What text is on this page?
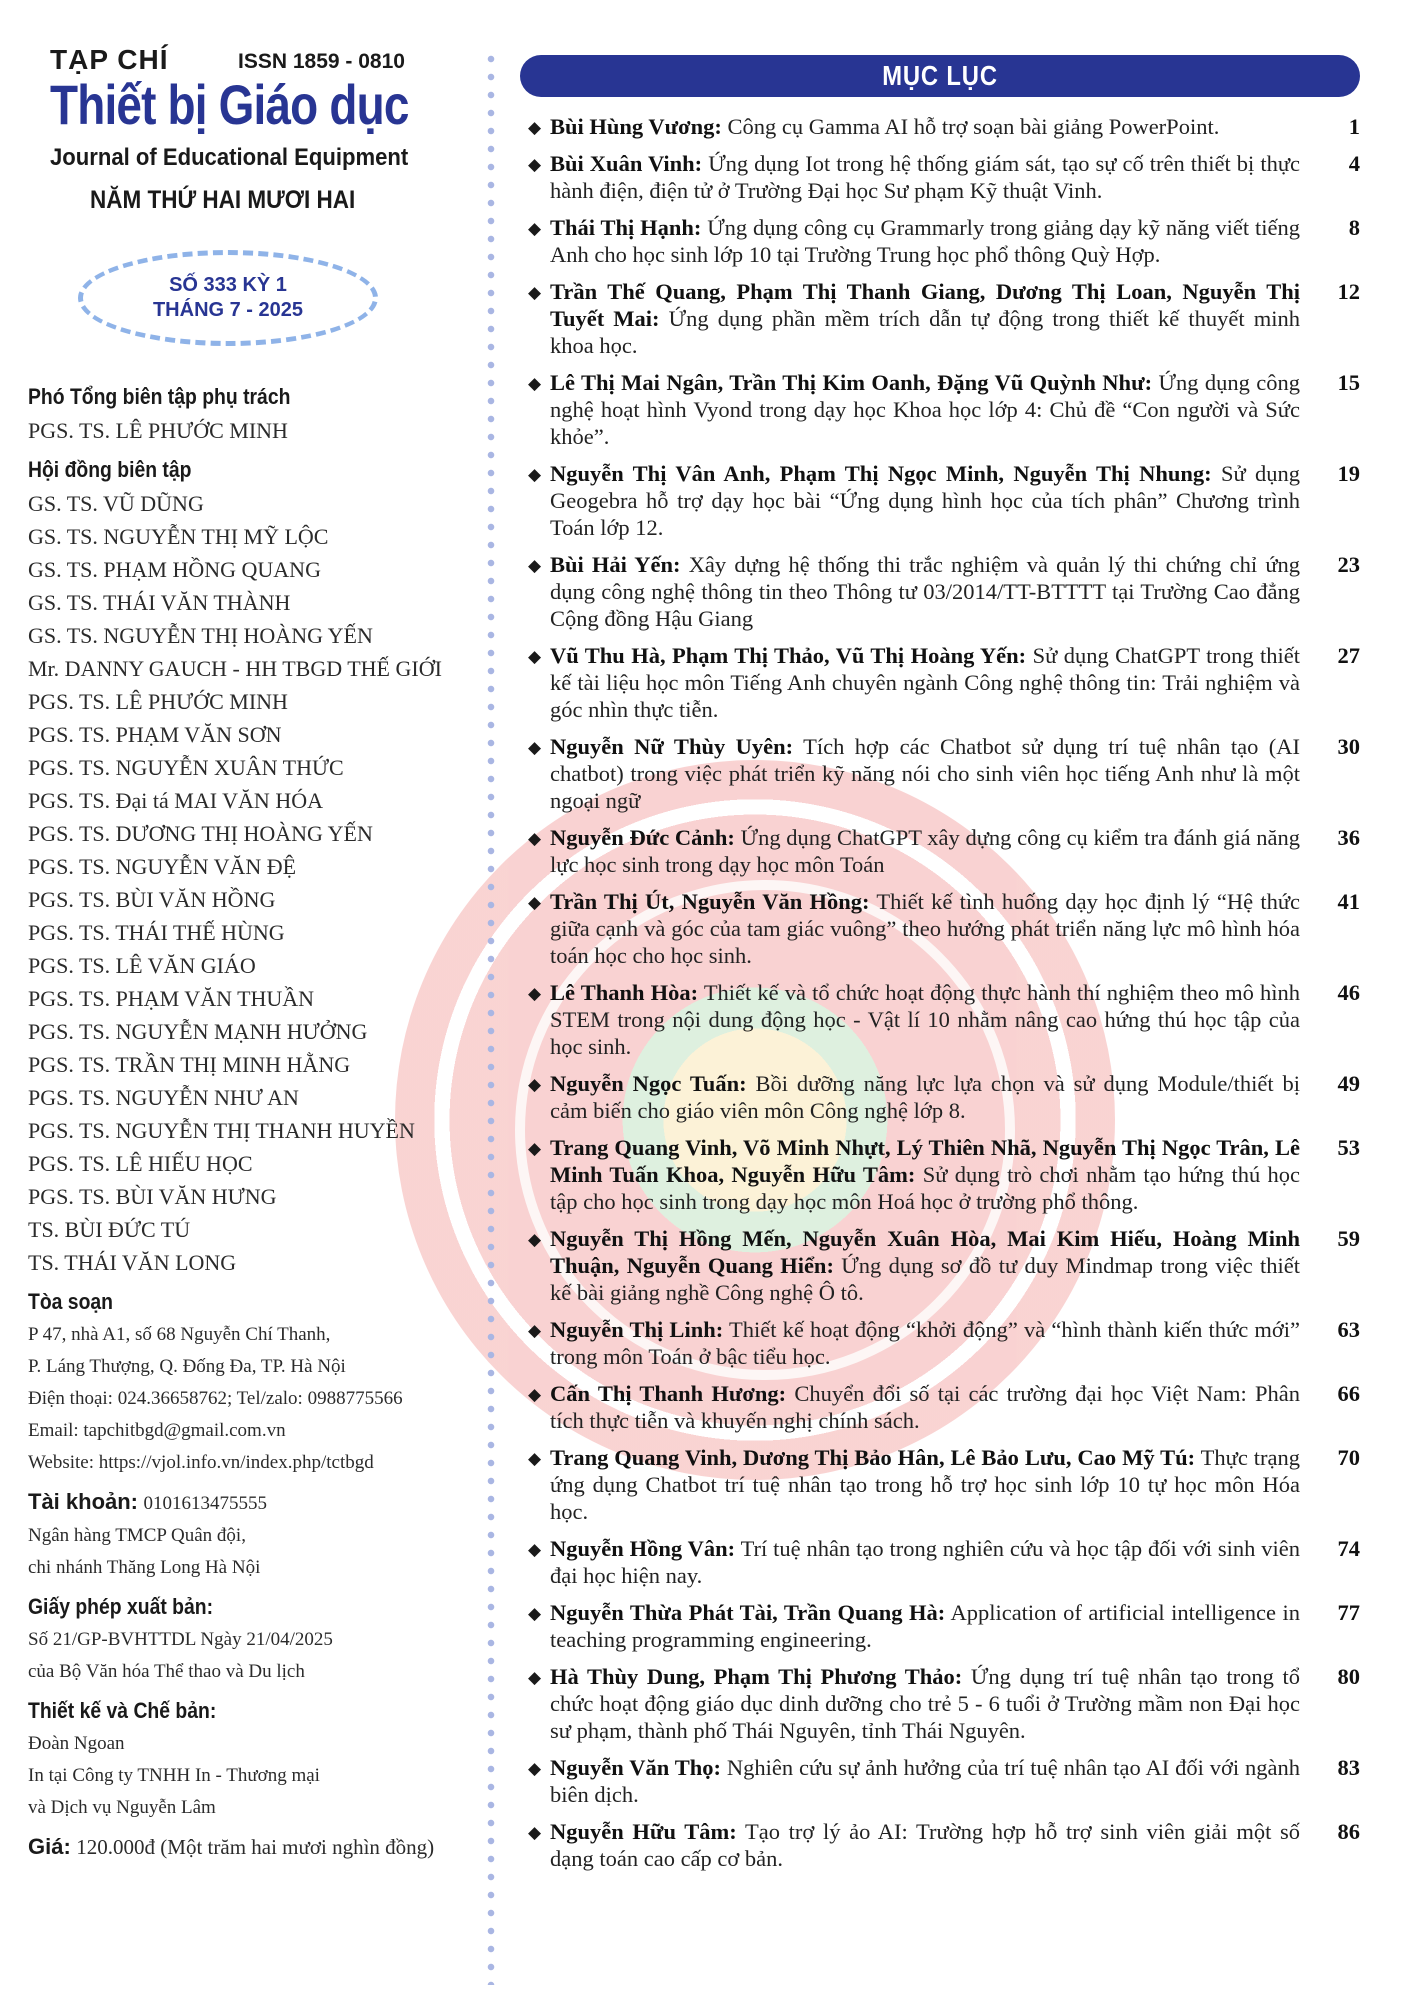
TẠP CHÍ	ISSN 1859 - 0810
Thiết bị Giáo dục
Journal of Educational Equipment
NĂM THỨ HAI MƯƠI HAI
SỐ 333 KỲ 1
THÁNG 7 - 2025
Phó Tổng biên tập phụ trách
PGS. TS. LÊ PHƯỚC MINH
Hội đồng biên tập
GS. TS. VŨ DŨNG
GS. TS. NGUYỄN THỊ MỸ LỘC
GS. TS. PHẠM HỒNG QUANG
GS. TS. THÁI VĂN THÀNH
GS. TS. NGUYỄN THỊ HOÀNG YẾN
Mr. DANNY GAUCH - HH TBGD THẾ GIỚI
PGS. TS. LÊ PHƯỚC MINH
PGS. TS. PHẠM VĂN SƠN
PGS. TS. NGUYỄN XUÂN THỨC
PGS. TS. Đại tá MAI VĂN HÓA
PGS. TS. DƯƠNG THỊ HOÀNG YẾN
PGS. TS. NGUYỄN VĂN ĐỆ
PGS. TS. BÙI VĂN HỒNG
PGS. TS. THÁI THẾ HÙNG
PGS. TS. LÊ VĂN GIÁO
PGS. TS. PHẠM VĂN THUẦN
PGS. TS. NGUYỄN MẠNH HƯỞNG
PGS. TS. TRẦN THỊ MINH HẰNG
PGS. TS. NGUYỄN NHƯ AN
PGS. TS. NGUYỄN THỊ THANH HUYỀN
PGS. TS. LÊ HIẾU HỌC
PGS. TS. BÙI VĂN HƯNG
TS. BÙI ĐỨC TÚ
TS. THÁI VĂN LONG
Tòa soạn
P 47, nhà A1, số 68 Nguyễn Chí Thanh,
P. Láng Thượng, Q. Đống Đa, TP. Hà Nội
Điện thoại: 024.36658762; Tel/zalo: 0988775566
Email: tapchitbgd@gmail.com.vn
Website: https://vjol.info.vn/index.php/tctbgd
Tài khoản: 0101613475555
Ngân hàng TMCP Quân đội,
chi nhánh Thăng Long Hà Nội
Giấy phép xuất bản:
Số 21/GP-BVHTTDL Ngày 21/04/2025
của Bộ Văn hóa Thể thao và Du lịch
Thiết kế và Chế bản:
Đoàn Ngoan
In tại Công ty TNHH In - Thương mại
và Dịch vụ Nguyễn Lâm
Giá: 120.000đ (Một trăm hai mươi nghìn đồng)
MỤC LỤC
◆ Bùi Hùng Vương: Công cụ Gamma AI hỗ trợ soạn bài giảng PowerPoint.	1
◆ Bùi Xuân Vinh: Ứng dụng Iot trong hệ thống giám sát, tạo sự cố trên thiết bị thực hành điện, điện tử ở Trường Đại học Sư phạm Kỹ thuật Vinh.
4
◆ Thái Thị Hạnh: Ứng dụng công cụ Grammarly trong giảng dạy kỹ năng viết tiếng Anh cho học sinh lớp 10 tại Trường Trung học phổ thông Quỳ Hợp.
8
◆ Trần Thế Quang, Phạm Thị Thanh Giang, Dương Thị Loan, Nguyễn Thị Tuyết Mai: Ứng dụng phần mềm trích dẫn tự động trong thiết kế thuyết minh khoa học.
12
◆ Lê Thị Mai Ngân, Trần Thị Kim Oanh, Đặng Vũ Quỳnh Như: Ứng dụng công nghệ hoạt hình Vyond trong dạy học Khoa học lớp 4: Chủ đề “Con người và Sức khỏe”.
15
◆ Nguyễn Thị Vân Anh, Phạm Thị Ngọc Minh, Nguyễn Thị Nhung: Sử dụng Geogebra hỗ trợ dạy học bài “Ứng dụng hình học của tích phân” Chương trình Toán lớp 12.
19
◆ Bùi Hải Yến: Xây dựng hệ thống thi trắc nghiệm và quản lý thi chứng chỉ ứng dụng công nghệ thông tin theo Thông tư 03/2014/TT-BTTTT tại Trường Cao đẳng Cộng đồng Hậu Giang
23
◆ Vũ Thu Hà, Phạm Thị Thảo, Vũ Thị Hoàng Yến: Sử dụng ChatGPT trong thiết kế tài liệu học môn Tiếng Anh chuyên ngành Công nghệ thông tin: Trải nghiệm và góc nhìn thực tiễn.
27
◆ Nguyễn Nữ Thùy Uyên: Tích hợp các Chatbot sử dụng trí tuệ nhân tạo (AI chatbot) trong việc phát triển kỹ năng nói cho sinh viên học tiếng Anh như là một ngoại ngữ
30
◆ Nguyễn Đức Cảnh: Ứng dụng ChatGPT xây dựng công cụ kiểm tra đánh giá năng lực học sinh trong dạy học môn Toán
36
◆ Trần Thị Út, Nguyễn Văn Hồng: Thiết kế tình huống dạy học định lý “Hệ thức giữa cạnh và góc của tam giác vuông” theo hướng phát triển năng lực mô hình hóa toán học cho học sinh.
41
◆ Lê Thanh Hòa: Thiết kế và tổ chức hoạt động thực hành thí nghiệm theo mô hình STEM trong nội dung động học - Vật lí 10 nhằm nâng cao hứng thú học tập của học sinh.
46
◆ Nguyễn Ngọc Tuấn: Bồi dưỡng năng lực lựa chọn và sử dụng Module/thiết bị cảm biến cho giáo viên môn Công nghệ lớp 8.
49
◆ Trang Quang Vinh, Võ Minh Nhựt, Lý Thiên Nhã, Nguyễn Thị Ngọc Trân, Lê Minh Tuấn Khoa, Nguyễn Hữu Tâm: Sử dụng trò chơi nhằm tạo hứng thú học tập cho học sinh trong dạy học môn Hoá học ở trường phổ thông.
53
◆ Nguyễn Thị Hồng Mến, Nguyễn Xuân Hòa, Mai Kim Hiếu, Hoàng Minh Thuận, Nguyễn Quang Hiển: Ứng dụng sơ đồ tư duy Mindmap trong việc thiết kế bài giảng nghề Công nghệ Ô tô.
59
◆ Nguyễn Thị Linh: Thiết kế hoạt động “khởi động” và “hình thành kiến thức mới” trong môn Toán ở bậc tiểu học.
63
◆ Cấn Thị Thanh Hương: Chuyển đổi số tại các trường đại học Việt Nam: Phân tích thực tiễn và khuyến nghị chính sách.
66
◆ Trang Quang Vinh, Dương Thị Bảo Hân, Lê Bảo Lưu, Cao Mỹ Tú: Thực trạng ứng dụng Chatbot trí tuệ nhân tạo trong hỗ trợ học sinh lớp 10 tự học môn Hóa học.
70
◆ Nguyễn Hồng Vân: Trí tuệ nhân tạo trong nghiên cứu và học tập đối với sinh viên đại học hiện nay.
74
◆ Nguyễn Thừa Phát Tài, Trần Quang Hà: Application of artificial intelligence in teaching programming engineering.
77
◆ Hà Thùy Dung, Phạm Thị Phương Thảo: Ứng dụng trí tuệ nhân tạo trong tổ chức hoạt động giáo dục dinh dưỡng cho trẻ 5 - 6 tuổi ở Trường mầm non Đại học sư phạm, thành phố Thái Nguyên, tỉnh Thái Nguyên.
80
◆ Nguyễn Văn Thọ: Nghiên cứu sự ảnh hưởng của trí tuệ nhân tạo AI đối với ngành biên dịch.
83
◆ Nguyễn Hữu Tâm: Tạo trợ lý ảo AI: Trường hợp hỗ trợ sinh viên giải một số dạng toán cao cấp cơ bản.
86
